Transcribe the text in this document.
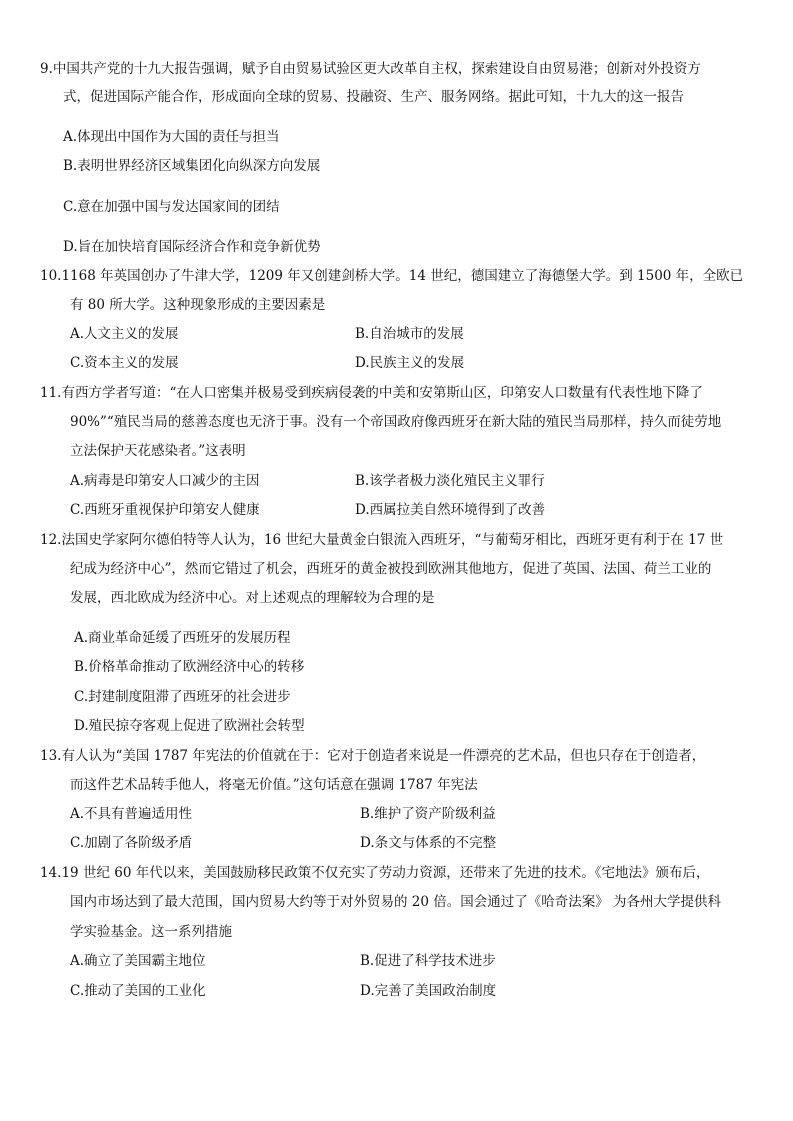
9.中国共产党的十九大报告强调，赋予自由贸易试验区更大改革自主权，探索建设自由贸易港；创新对外投资方
式，促进国际产能合作，形成面向全球的贸易、投融资、生产、服务网络。据此可知，十九大的这一报告
A.体现出中国作为大国的责任与担当
B.表明世界经济区域集团化向纵深方向发展
C.意在加强中国与发达国家间的团结
D.旨在加快培育国际经济合作和竞争新优势
10.1168 年英国创办了牛津大学，1209 年又创建剑桥大学。14 世纪，德国建立了海德堡大学。到 1500 年，全欧已
有 80 所大学。这种现象形成的主要因素是
A.人文主义的发展	B.自治城市的发展
C.资本主义的发展	D.民族主义的发展
11.有西方学者写道：“在人口密集并极易受到疾病侵袭的中美和安第斯山区，印第安人口数量有代表性地下降了
90%”“殖民当局的慈善态度也无济于事。没有一个帝国政府像西班牙在新大陆的殖民当局那样，持久而徒劳地
立法保护天花感染者。”这表明
A.病毒是印第安人口减少的主因	B.该学者极力淡化殖民主义罪行
C.西班牙重视保护印第安人健康	D.西属拉美自然环境得到了改善
12.法国史学家阿尔德伯特等人认为，16 世纪大量黄金白银流入西班牙，“与葡萄牙相比，西班牙更有利于在 17 世
纪成为经济中心”，然而它错过了机会，西班牙的黄金被投到欧洲其他地方，促进了英国、法国、荷兰工业的
发展，西北欧成为经济中心。对上述观点的理解较为合理的是
A.商业革命延缓了西班牙的发展历程
B.价格革命推动了欧洲经济中心的转移
C.封建制度阻滞了西班牙的社会进步
D.殖民掠夺客观上促进了欧洲社会转型
13.有人认为“美国 1787 年宪法的价值就在于：它对于创造者来说是一件漂亮的艺术品，但也只存在于创造者，
而这件艺术品转手他人，将毫无价值。”这句话意在强调 1787 年宪法
A.不具有普遍适用性	B.维护了资产阶级利益
C.加剧了各阶级矛盾	D.条文与体系的不完整
14.19 世纪 60 年代以来，美国鼓励移民政策不仅充实了劳动力资源，还带来了先进的技术。《宅地法》颁布后，
国内市场达到了最大范围，国内贸易大约等于对外贸易的 20 倍。国会通过了《哈奇法案》 为各州大学提供科
学实验基金。这一系列措施
A.确立了美国霸主地位	B.促进了科学技术进步
C.推动了美国的工业化	D.完善了美国政治制度
